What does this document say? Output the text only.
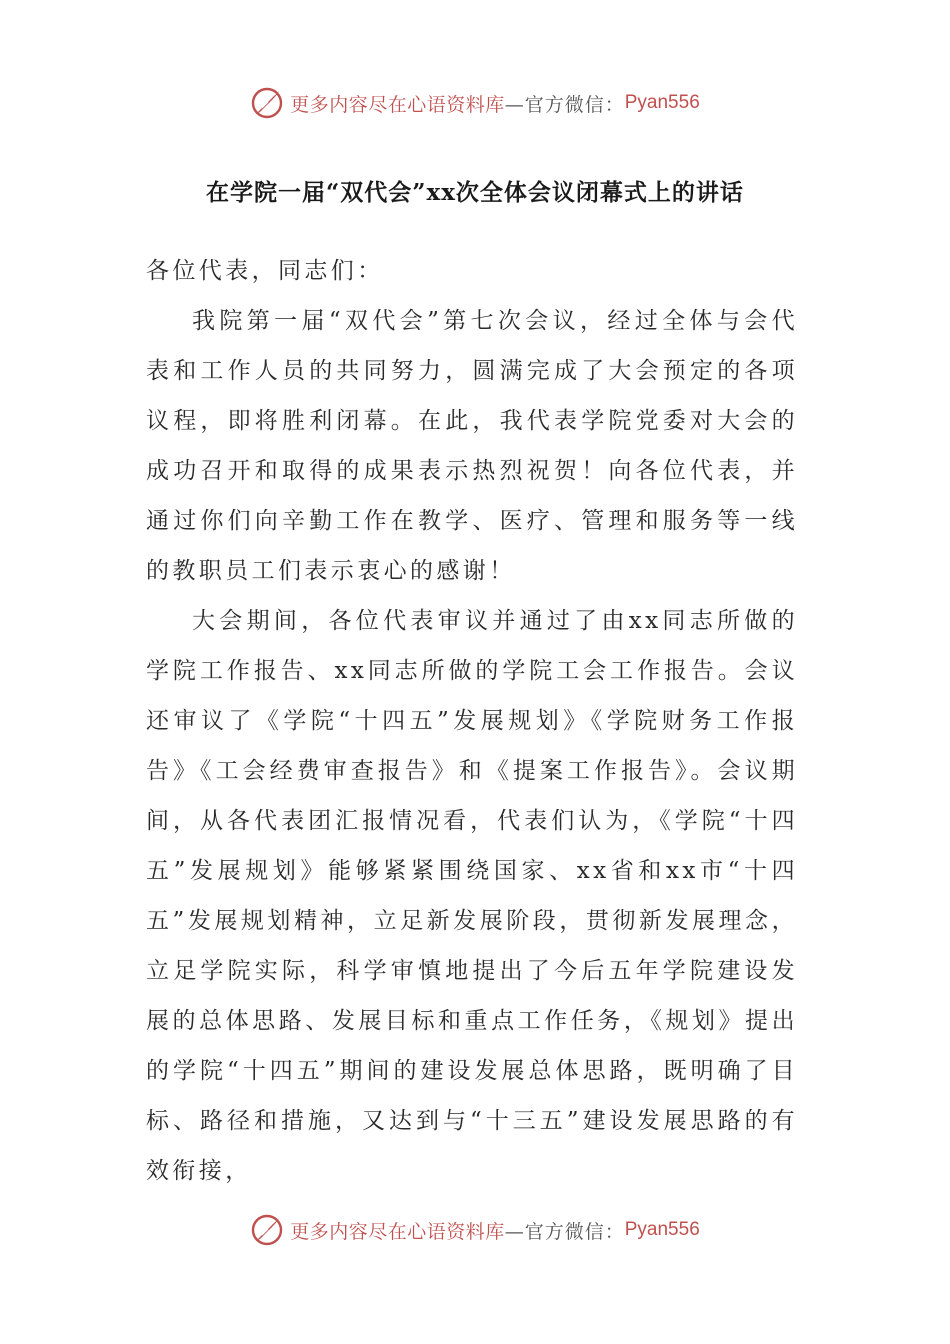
更多内容尽在心语资料库 —官方微信： Pyan556
在学院一届“双代会”xx次全体会议闭幕式上的讲话

各位代表，同志们：

我院第一届“双代会”第七次会议，经过全体与会代表和工作人员的共同努力，圆满完成了大会预定的各项议程，即将胜利闭幕。在此，我代表学院党委对大会的成功召开和取得的成果表示热烈祝贺！向各位代表，并通过你们向辛勤工作在教学、医疗、管理和服务等一线的教职员工们表示衷心的感谢！

大会期间，各位代表审议并通过了由xx同志所做的学院工作报告、xx同志所做的学院工会工作报告。会议还审议了《学院“十四五”发展规划》《学院财务工作报告》《工会经费审查报告》和《提案工作报告》。会议期间，从各代表团汇报情况看，代表们认为，《学院“十四五”发展规划》能够紧紧围绕国家、xx省和xx市“十四五”发展规划精神，立足新发展阶段，贯彻新发展理念，立足学院实际，科学审慎地提出了今后五年学院建设发展的总体思路、发展目标和重点工作任务，《规划》提出的学院“十四五”期间的建设发展总体思路，既明确了目标、路径和措施，又达到与“十三五”建设发展思路的有效衔接，

更多内容尽在心语资料库 —官方微信： Pyan556
